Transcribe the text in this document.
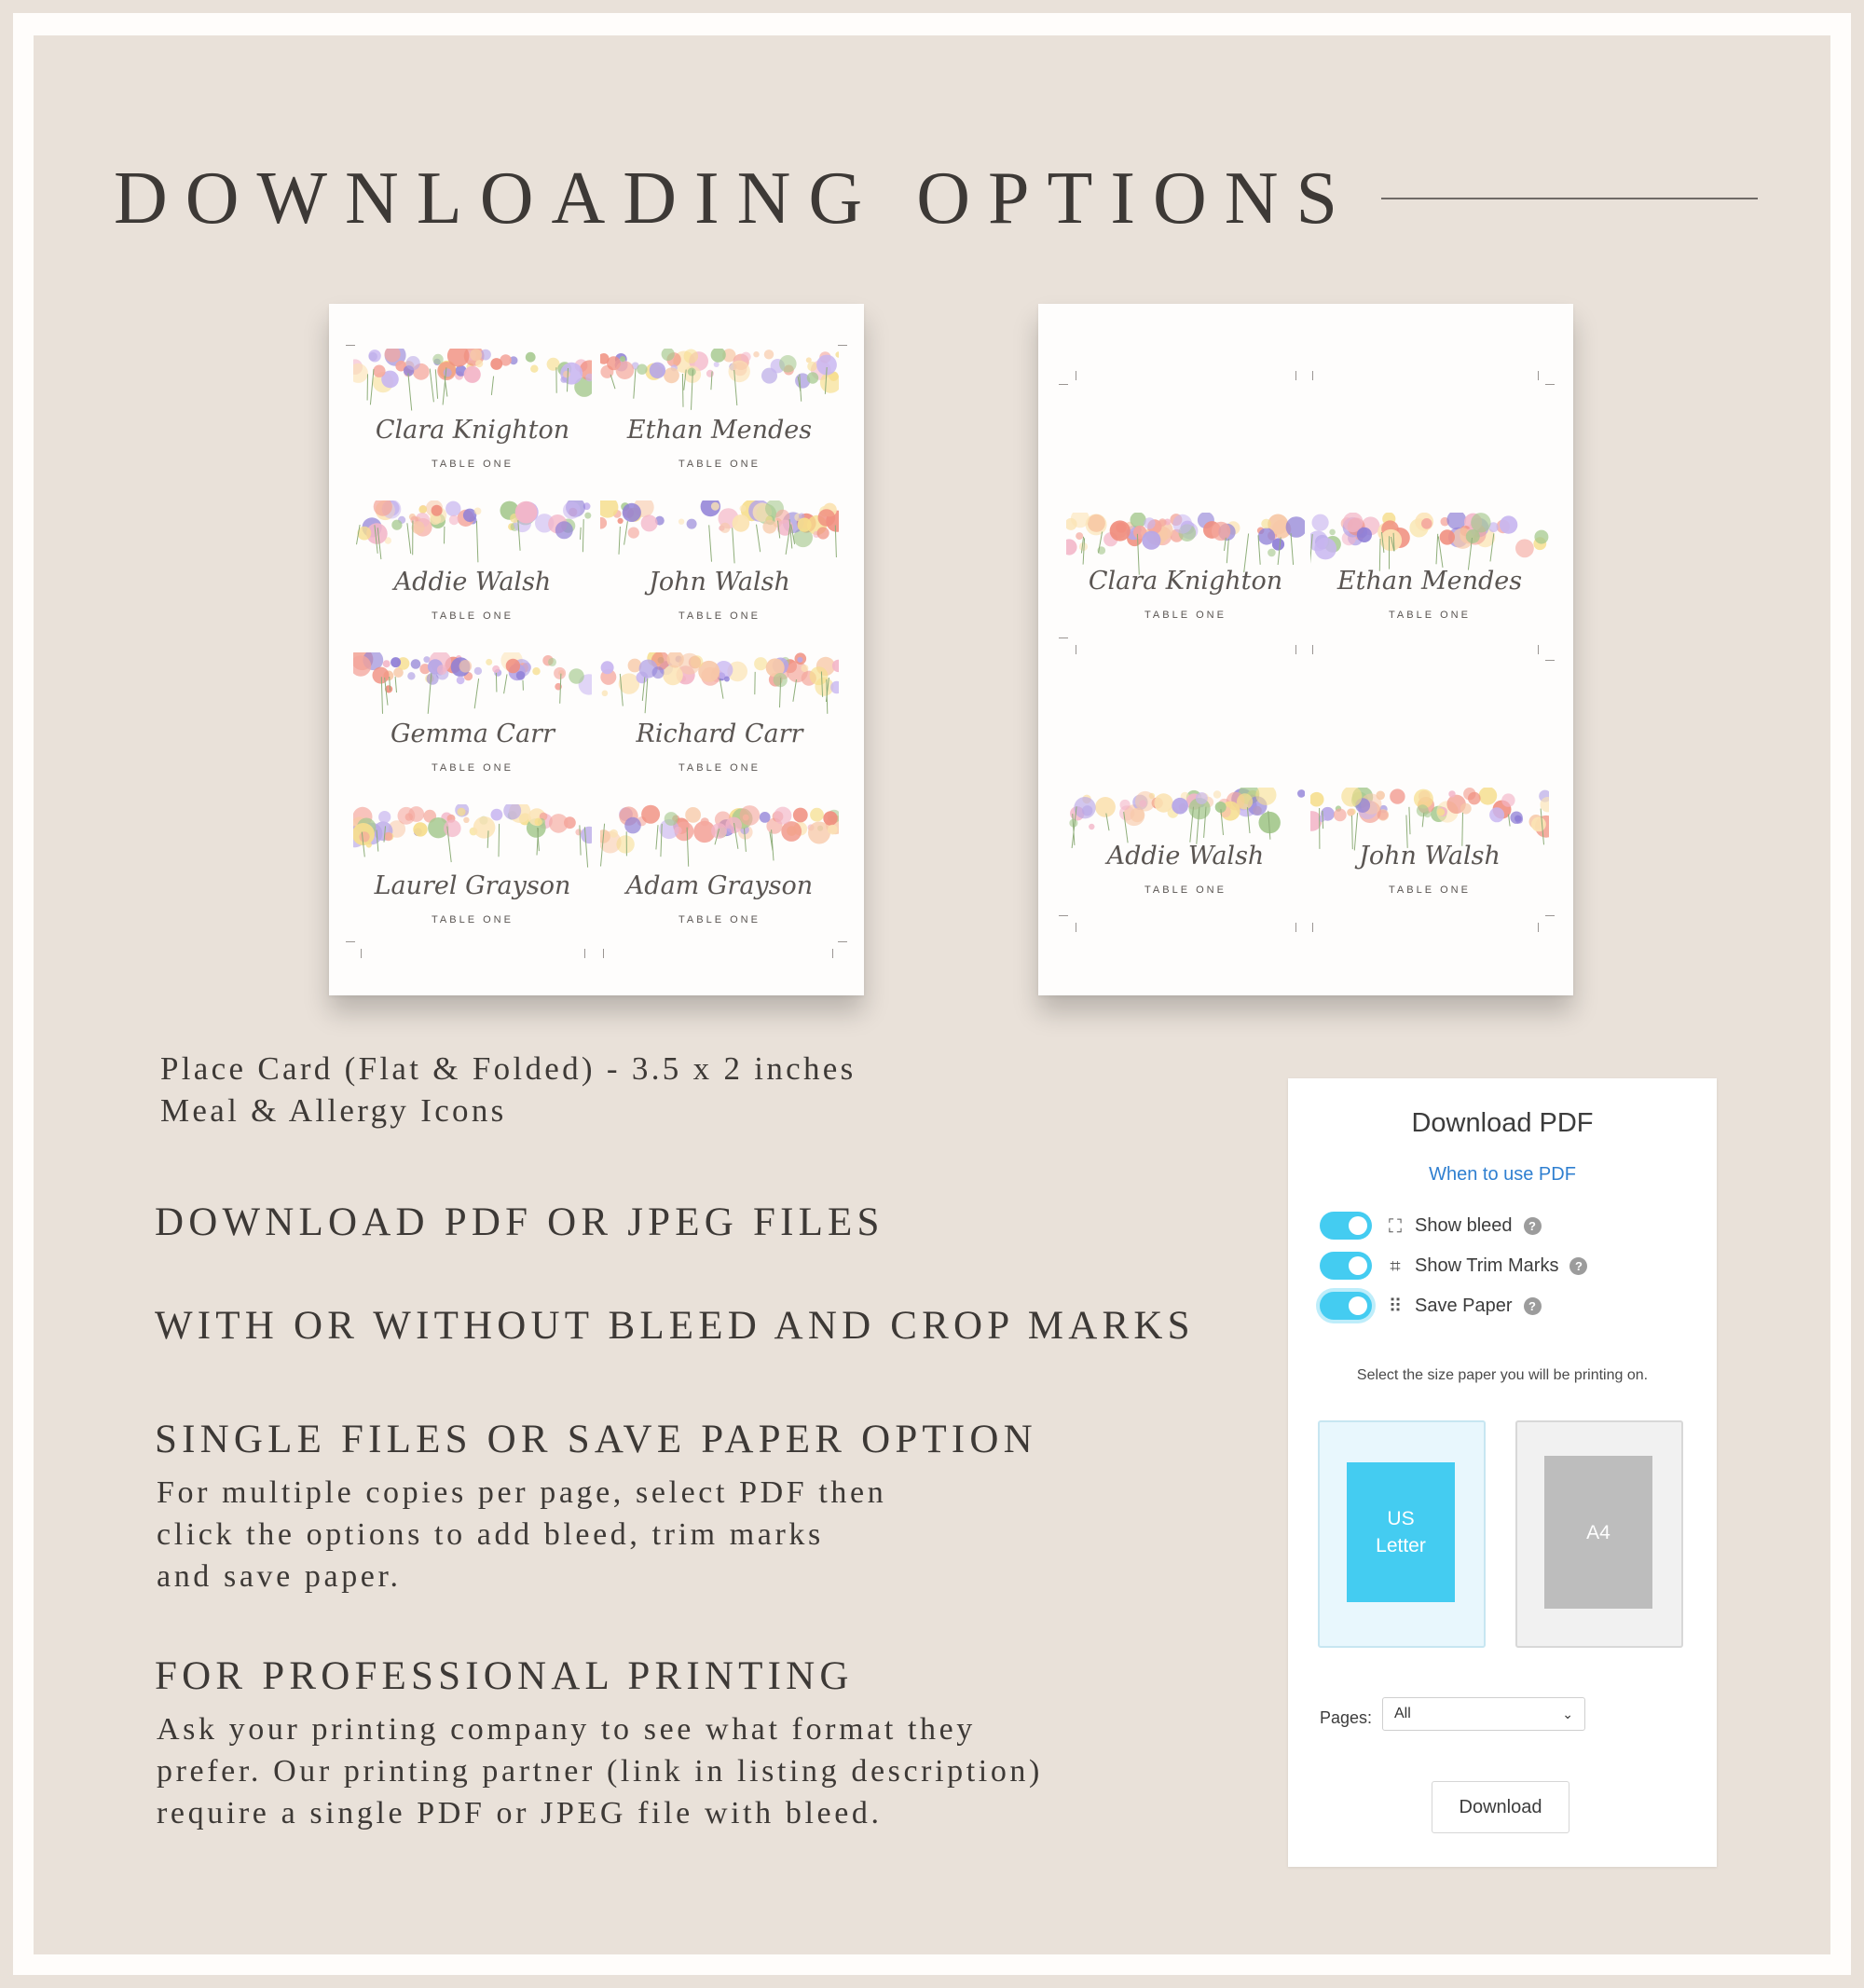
DOWNLOADING OPTIONS
Clara Knighton
TABLE ONE
Ethan Mendes
TABLE ONE
Addie Walsh
TABLE ONE
John Walsh
TABLE ONE
Gemma Carr
TABLE ONE
Richard Carr
TABLE ONE
Laurel Grayson
TABLE ONE
Adam Grayson
TABLE ONE
Clara Knighton
TABLE ONE
Ethan Mendes
TABLE ONE
Addie Walsh
TABLE ONE
John Walsh
TABLE ONE
Place Card (Flat & Folded) - 3.5 x 2 inches
Meal & Allergy Icons
DOWNLOAD PDF OR JPEG FILES
WITH OR WITHOUT BLEED AND CROP MARKS
SINGLE FILES OR SAVE PAPER OPTION
For multiple copies per page, select PDF then
click the options to add bleed, trim marks
and save paper.
FOR PROFESSIONAL PRINTING
Ask your printing company to see what format they
prefer. Our printing partner (link in listing description)
require a single PDF or JPEG file with bleed.
Download PDF
When to use PDF
⛶ Show bleed	?
⌗ Show Trim Marks	?
⠿ Save Paper	?
Select the size paper you will be printing on.
US Letter
A4
Pages: All	⌄
Download
